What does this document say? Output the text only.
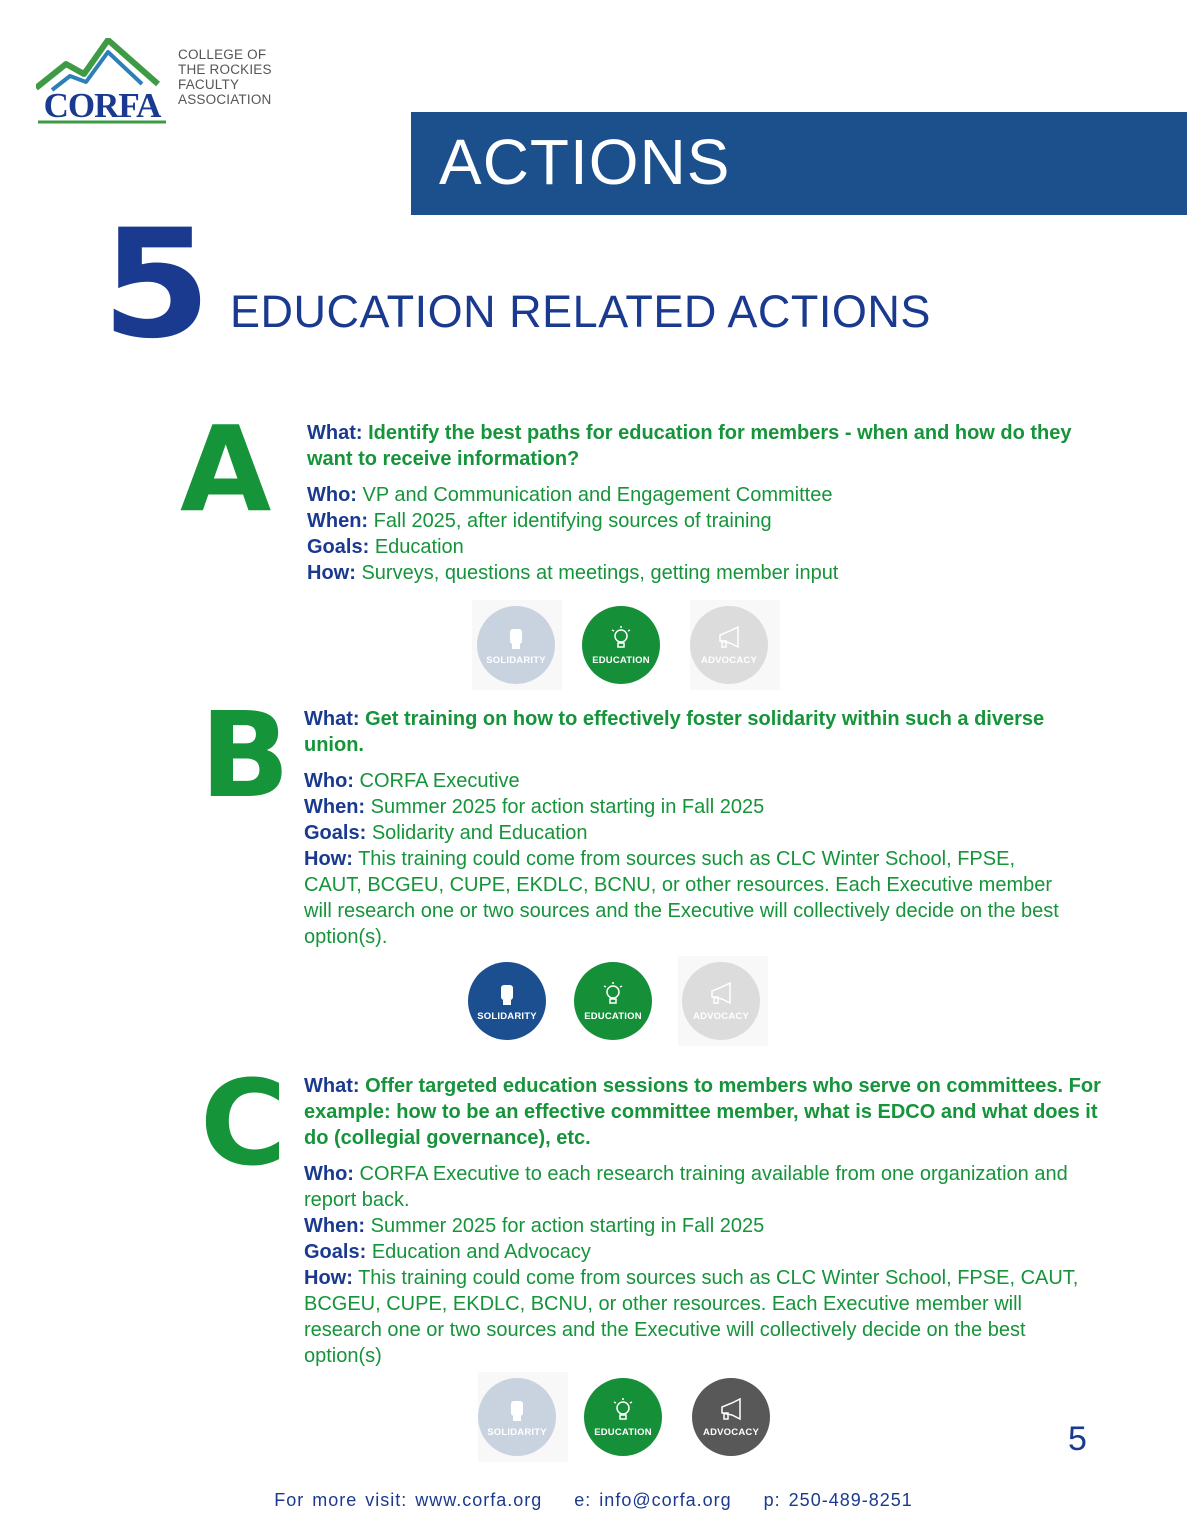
CORFA
COLLEGE OF
THE ROCKIES
FACULTY
ASSOCIATION
ACTIONS
5 EDUCATION RELATED ACTIONS
A What: Identify the best paths for education for members - when and how do they want to receive information?

Who: VP and Communication and Engagement Committee

When: Fall 2025, after identifying sources of training

Goals: Education

How: Surveys, questions at meetings, getting member input

SOLIDARITY	EDUCATION	ADVOCACY
B What: Get training on how to effectively foster solidarity within such a diverse union.

Who: CORFA Executive

When: Summer 2025 for action starting in Fall 2025

Goals: Solidarity and Education

How: This training could come from sources such as CLC Winter School, FPSE, CAUT, BCGEU, CUPE, EKDLC, BCNU, or other resources. Each Executive member will research one or two sources and the Executive will collectively decide on the best option(s).

SOLIDARITY	EDUCATION	ADVOCACY
C What: Offer targeted education sessions to members who serve on committees. For example: how to be an effective committee member, what is EDCO and what does it do (collegial governance), etc.

Who: CORFA Executive to each research training available from one organization and report back.

When: Summer 2025 for action starting in Fall 2025

Goals: Education and Advocacy

How: This training could come from sources such as CLC Winter School, FPSE, CAUT, BCGEU, CUPE, EKDLC, BCNU, or other resources. Each Executive member will research one or two sources and the Executive will collectively decide on the best option(s)

SOLIDARITY	EDUCATION	ADVOCACY	5
For more visit: www.corfa.org e: info@corfa.org p: 250-489-8251
